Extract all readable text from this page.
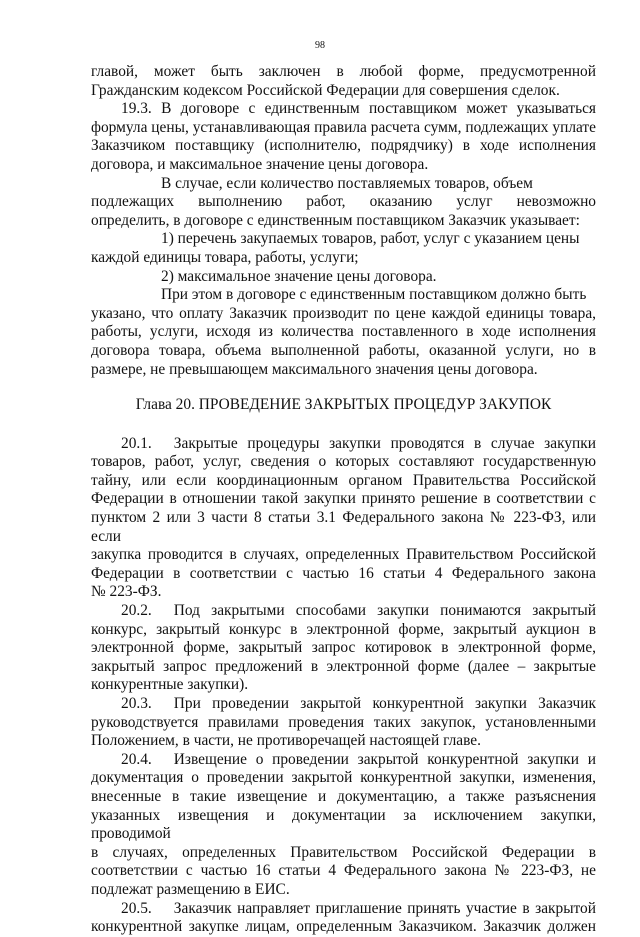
98
главой, может быть заключен в любой форме, предусмотренной
Гражданским кодексом Российской Федерации для совершения сделок.
19.3. В договоре с единственным поставщиком может указываться
формула цены, устанавливающая правила расчета сумм, подлежащих уплате
Заказчиком поставщику (исполнителю, подрядчику) в ходе исполнения
договора, и максимальное значение цены договора.
В случае, если количество поставляемых товаров, объем
подлежащих выполнению работ, оказанию услуг невозможно
определить, в договоре с единственным поставщиком Заказчик указывает:
1) перечень закупаемых товаров, работ, услуг с указанием цены
каждой единицы товара, работы, услуги;
2) максимальное значение цены договора.
При этом в договоре с единственным поставщиком должно быть
указано, что оплату Заказчик производит по цене каждой единицы товара,
работы, услуги, исходя из количества поставленного в ходе исполнения
договора товара, объема выполненной работы, оказанной услуги, но в
размере, не превышающем максимального значения цены договора.
Глава 20. ПРОВЕДЕНИЕ ЗАКРЫТЫХ ПРОЦЕДУР ЗАКУПОК
20.1. Закрытые процедуры закупки проводятся в случае закупки
товаров, работ, услуг, сведения о которых составляют государственную
тайну, или если координационным органом Правительства Российской
Федерации в отношении такой закупки принято решение в соответствии с
пунктом 2 или 3 части 8 статьи 3.1 Федерального закона № 223-ФЗ, или если
закупка проводится в случаях, определенных Правительством Российской
Федерации в соответствии с частью 16 статьи 4 Федерального закона
№ 223-ФЗ.
20.2. Под закрытыми способами закупки понимаются закрытый
конкурс, закрытый конкурс в электронной форме, закрытый аукцион в
электронной форме, закрытый запрос котировок в электронной форме,
закрытый запрос предложений в электронной форме (далее – закрытые
конкурентные закупки).
20.3. При проведении закрытой конкурентной закупки Заказчик
руководствуется правилами проведения таких закупок, установленными
Положением, в части, не противоречащей настоящей главе.
20.4. Извещение о проведении закрытой конкурентной закупки и
документация о проведении закрытой конкурентной закупки, изменения,
внесенные в такие извещение и документацию, а также разъяснения
указанных извещения и документации за исключением закупки, проводимой
в случаях, определенных Правительством Российской Федерации в
соответствии с частью 16 статьи 4 Федерального закона № 223-ФЗ, не
подлежат размещению в ЕИС.
20.5. Заказчик направляет приглашение принять участие в закрытой
конкурентной закупке лицам, определенным Заказчиком. Заказчик должен
